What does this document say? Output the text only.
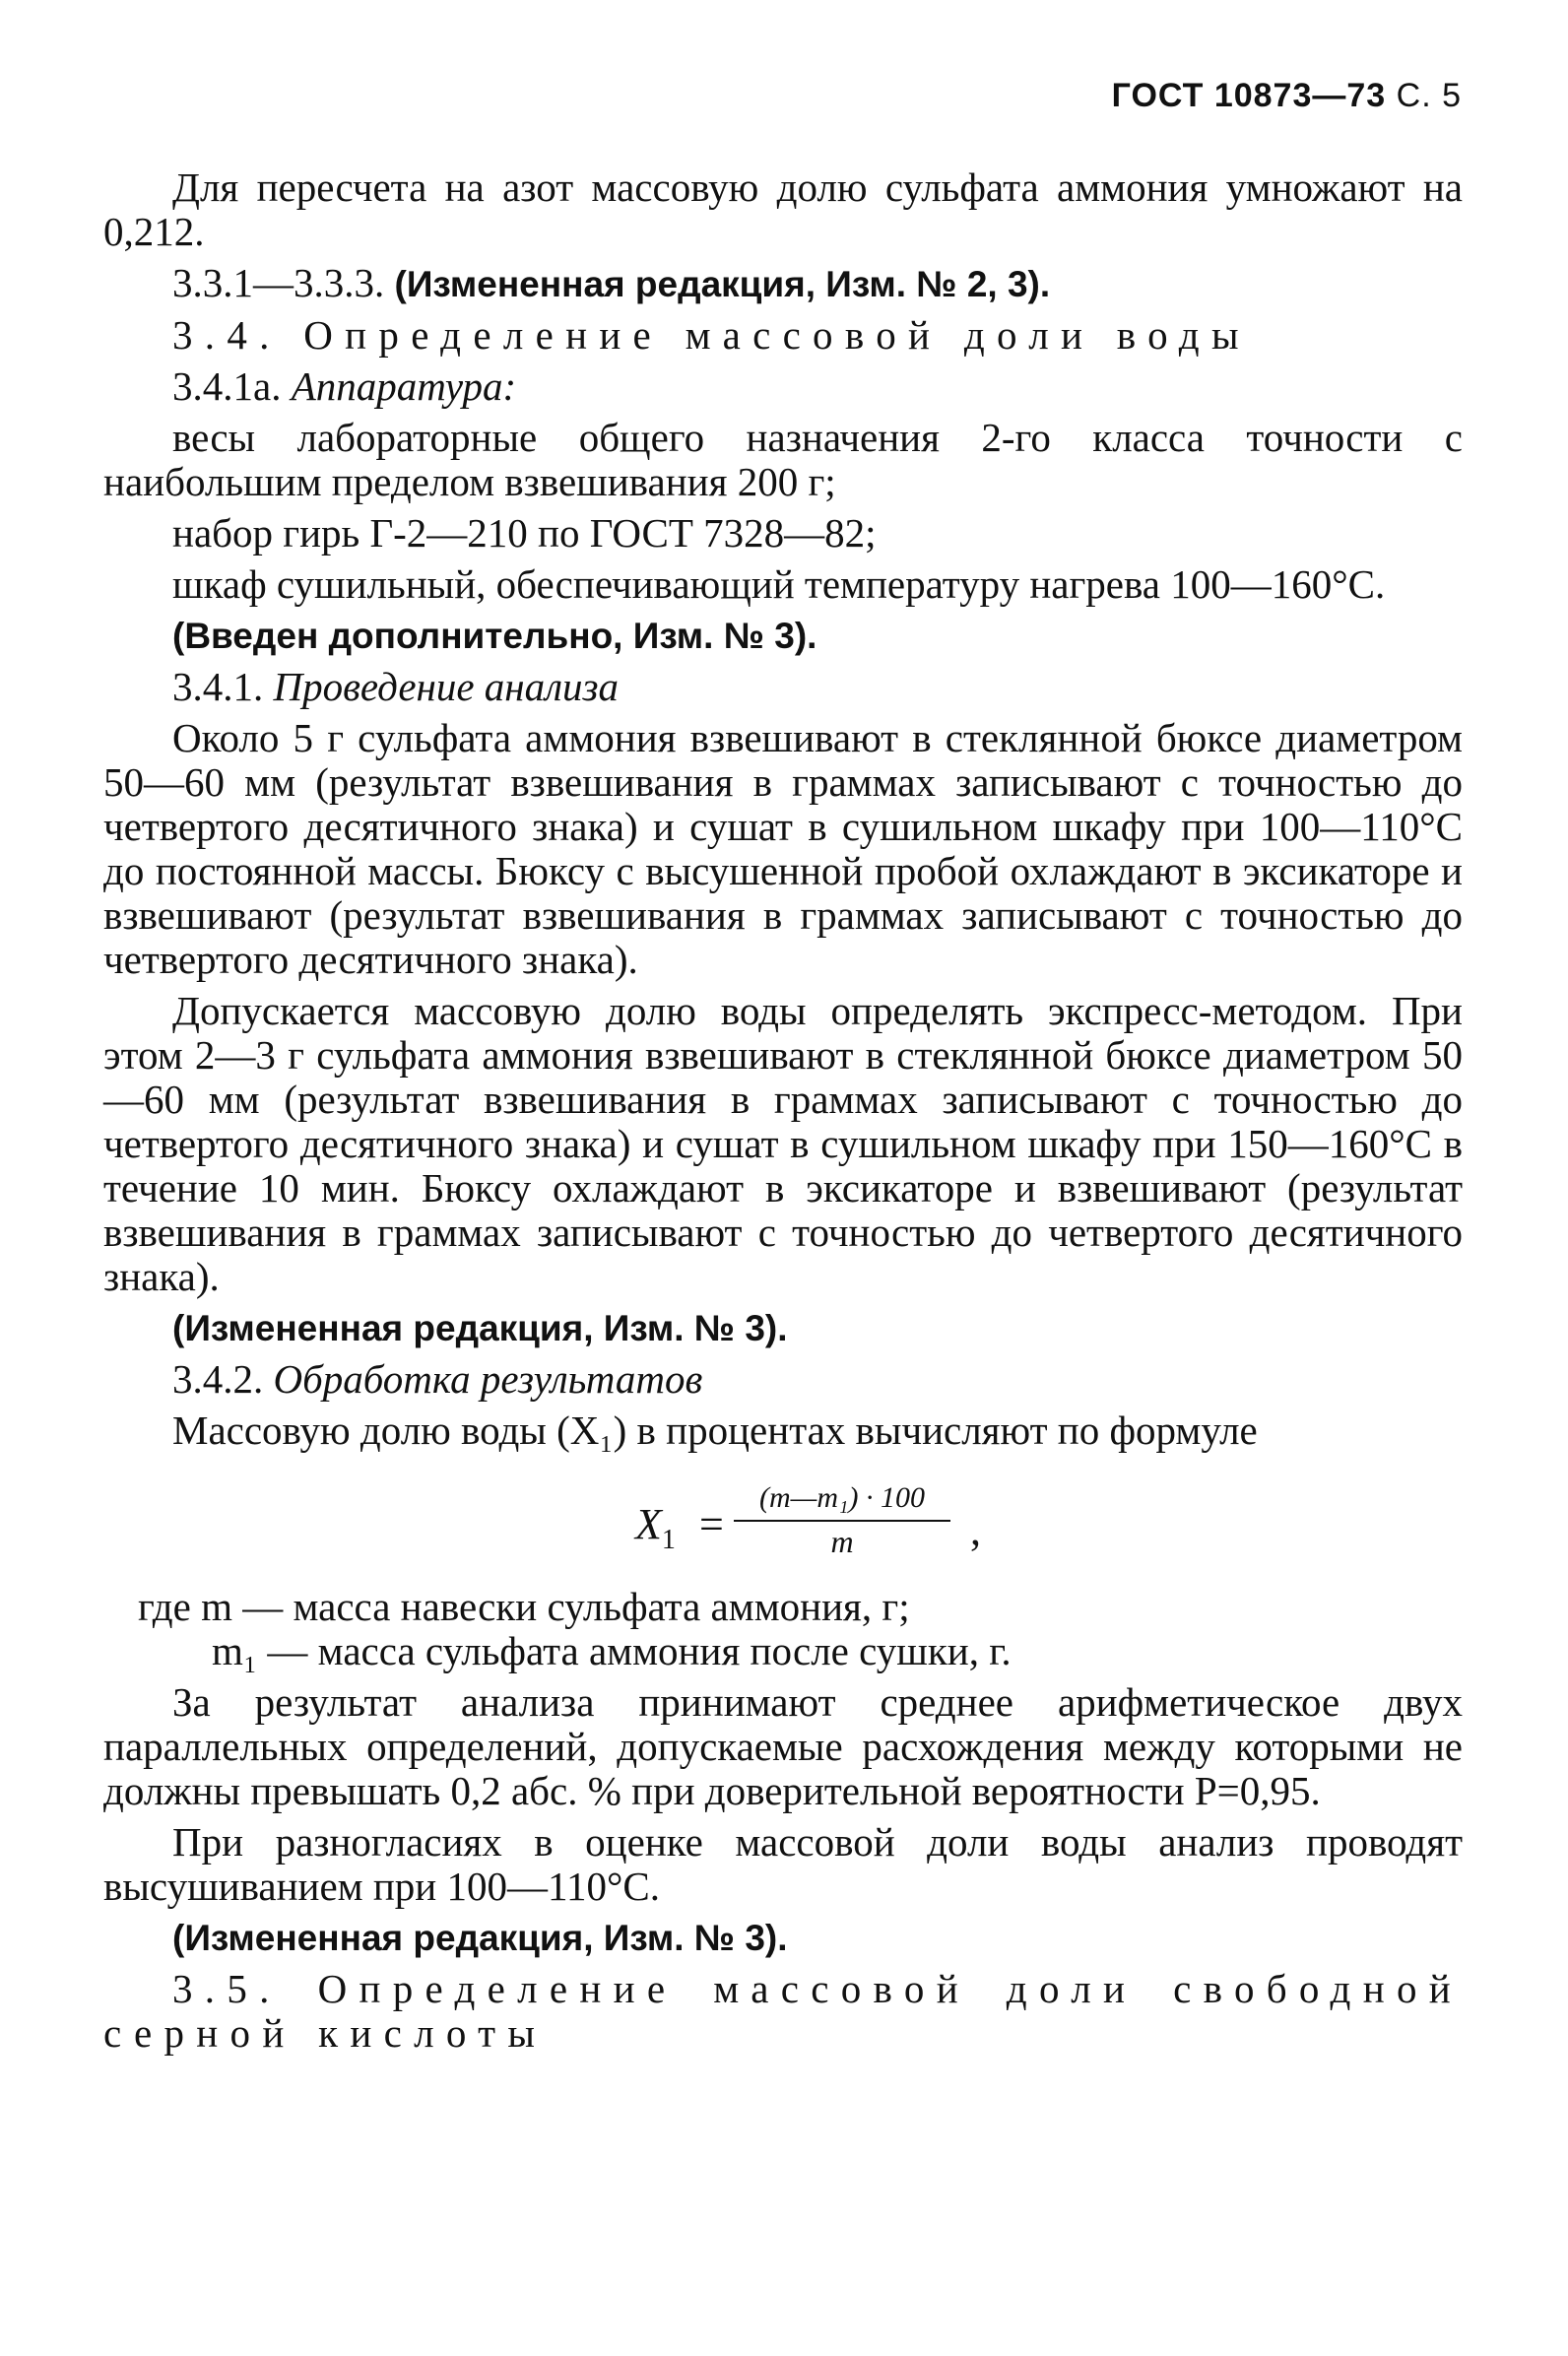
ГОСТ 10873—73 С. 5

Для пересчета на азот массовую долю сульфата аммония умножают на 0,212.

3.3.1—3.3.3. (Измененная редакция, Изм. № 2, 3).

3.4. Определение массовой доли воды

3.4.1а. Аппаратура:

весы лабораторные общего назначения 2-го класса точности с наибольшим пределом взвешивания 200 г;

набор гирь Г-2—210 по ГОСТ 7328—82;

шкаф сушильный, обеспечивающий температуру нагрева 100—160°С.

(Введен дополнительно, Изм. № 3).

3.4.1. Проведение анализа

Около 5 г сульфата аммония взвешивают в стеклянной бюксе диаметром 50—60 мм (результат взвешивания в граммах записывают с точностью до четвертого десятичного знака) и сушат в сушильном шкафу при 100—110°С до постоянной массы. Бюксу с высушенной пробой охлаждают в эксикаторе и взвешивают (результат взвешивания в граммах записывают с точностью до четвертого десятичного знака).

Допускается массовую долю воды определять экспресс-методом. При этом 2—3 г сульфата аммония взвешивают в стеклянной бюксе диаметром 50—60 мм (результат взвешивания в граммах записывают с точностью до четвертого десятичного знака) и сушат в сушильном шкафу при 150—160°С в течение 10 мин. Бюксу охлаждают в эксикаторе и взвешивают (результат взвешивания в граммах записывают с точностью до четвертого десятичного знака).

(Измененная редакция, Изм. № 3).

3.4.2. Обработка результатов

Массовую долю воды (X₁) в процентах вычисляют по формуле

$X_1 = \frac{\text{(m—m₁) · 100}}{m}$ ,

где m — масса навески сульфата аммония, г;

m₁ — масса сульфата аммония после сушки, г.

За результат анализа принимают среднее арифметическое двух параллельных определений, допускаемые расхождения между которыми не должны превышать 0,2 абс. % при доверительной вероятности P=0,95.

При разногласиях в оценке массовой доли воды анализ проводят высушиванием при 100—110°С.

(Измененная редакция, Изм. № 3).

3.5. Определение массовой доли свободной серной кислоты
